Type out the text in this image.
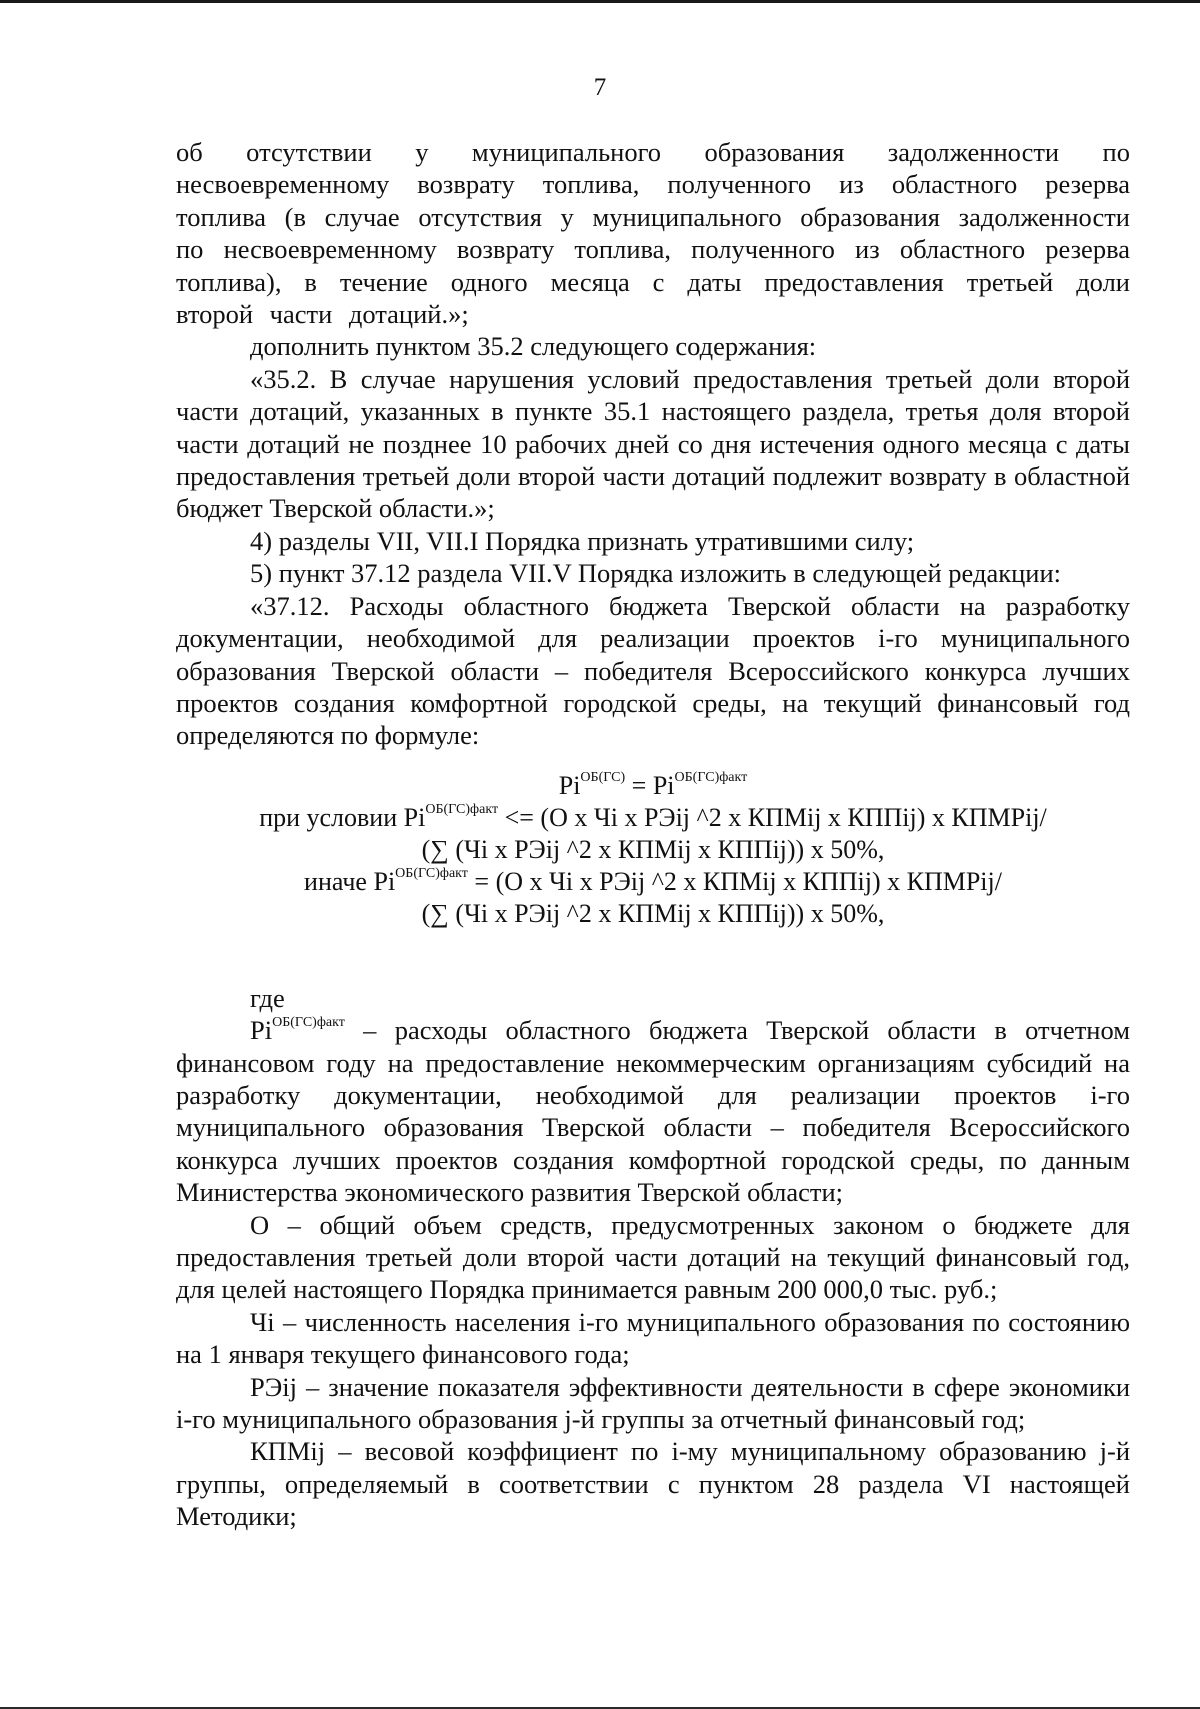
7

об отсутствии у муниципального образования задолженности по несвоевременному возврату топлива, полученного из областного резерва топлива (в случае отсутствия у муниципального образования задолженности по несвоевременному возврату топлива, полученного из областного резерва топлива), в течение одного месяца с даты предоставления третьей доли второй части дотаций.»;

дополнить пунктом 35.2 следующего содержания:

«35.2. В случае нарушения условий предоставления третьей доли второй части дотаций, указанных в пункте 35.1 настоящего раздела, третья доля второй части дотаций не позднее 10 рабочих дней со дня истечения одного месяца с даты предоставления третьей доли второй части дотаций подлежит возврату в областной бюджет Тверской области.»;

4) разделы VII, VII.I Порядка признать утратившими силу;

5) пункт 37.12 раздела VII.V Порядка изложить в следующей редакции:

«37.12. Расходы областного бюджета Тверской области на разработку документации, необходимой для реализации проектов i-го муниципального образования Тверской области – победителя Всероссийского конкурса лучших проектов создания комфортной городской среды, на текущий финансовый год определяются по формуле:

$Pi^{ОБ(ГС)} = Pi^{ОБ(ГС)факт}$

при условии $Pi^{ОБ(ГС)факт} <= (О$ x Чi x РЭij ^2 x КПМij x КППij) x КПМРij/

(∑ (Чi x РЭij ^2 x КПМij x КППij)) x 50%,

иначе $Pi^{ОБ(ГС)факт} = (О$ x Чi x РЭij ^2 x КПМij x КППij) x КПМРij/

(∑ (Чi x РЭij ^2 x КПМij x КППij)) x 50%,

где

$Pi^{ОБ(ГС)факт}$ – расходы областного бюджета Тверской области в отчетном финансовом году на предоставление некоммерческим организациям субсидий на разработку документации, необходимой для реализации проектов i-го муниципального образования Тверской области – победителя Всероссийского конкурса лучших проектов создания комфортной городской среды, по данным Министерства экономического развития Тверской области;

О – общий объем средств, предусмотренных законом о бюджете для предоставления третьей доли второй части дотаций на текущий финансовый год, для целей настоящего Порядка принимается равным 200 000,0 тыс. руб.;

Чi – численность населения i-го муниципального образования по состоянию на 1 января текущего финансового года;

РЭij – значение показателя эффективности деятельности в сфере экономики i-го муниципального образования j-й группы за отчетный финансовый год;

КПМij – весовой коэффициент по i-му муниципальному образованию j-й группы, определяемый в соответствии с пунктом 28 раздела VI настоящей Методики;
